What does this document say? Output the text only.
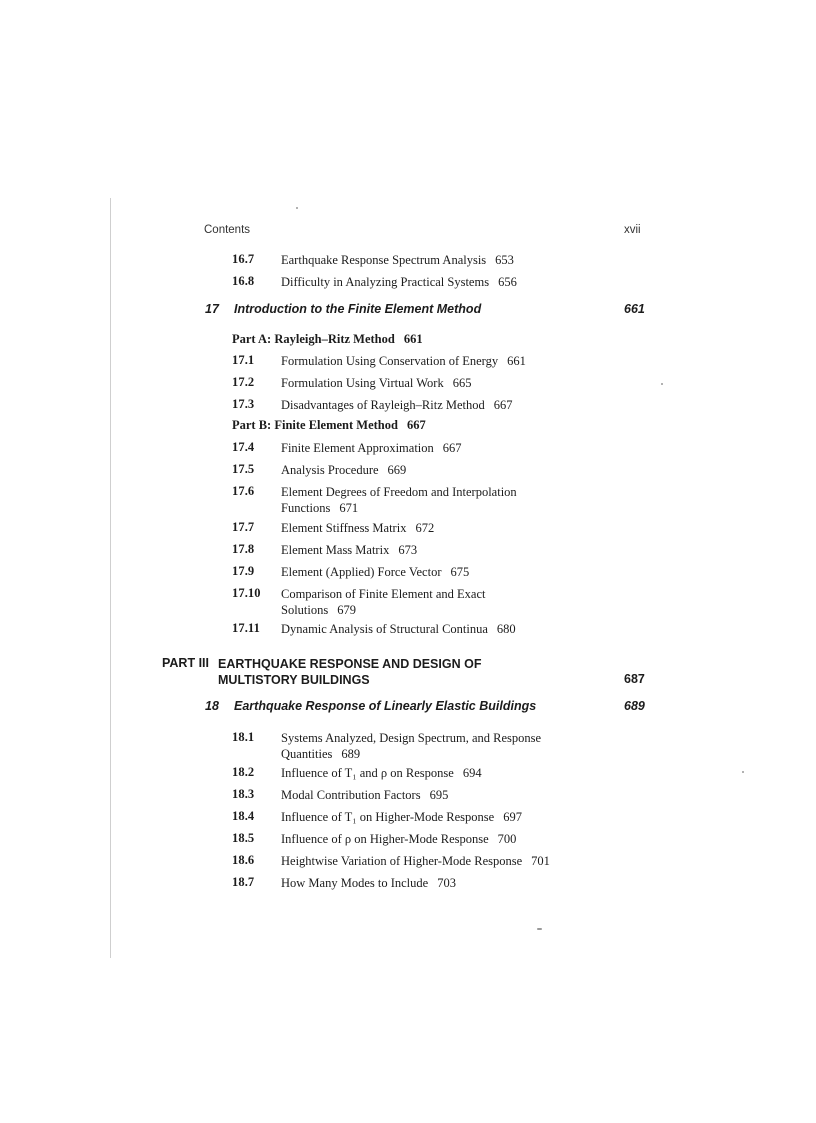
Contents	xvii
16.7 Earthquake Response Spectrum Analysis 653
16.8 Difficulty in Analyzing Practical Systems 656
17 Introduction to the Finite Element Method	661
Part A: Rayleigh–Ritz Method 661
17.1 Formulation Using Conservation of Energy 661
17.2 Formulation Using Virtual Work 665
17.3 Disadvantages of Rayleigh–Ritz Method 667
Part B: Finite Element Method 667
17.4 Finite Element Approximation 667
17.5 Analysis Procedure 669
17.6 Element Degrees of Freedom and Interpolation
Functions 671
17.7 Element Stiffness Matrix 672
17.8 Element Mass Matrix 673
17.9 Element (Applied) Force Vector 675
17.10 Comparison of Finite Element and Exact
Solutions 679
17.11 Dynamic Analysis of Structural Continua 680
PART III EARTHQUAKE RESPONSE AND DESIGN OF
MULTISTORY BUILDINGS	687
18 Earthquake Response of Linearly Elastic Buildings	689
18.1 Systems Analyzed, Design Spectrum, and Response
Quantities 689
18.2 Influence of T₁ and ρ on Response 694
18.3 Modal Contribution Factors 695
18.4 Influence of T₁ on Higher-Mode Response 697
18.5 Influence of ρ on Higher-Mode Response 700
18.6 Heightwise Variation of Higher-Mode Response 701
18.7 How Many Modes to Include 703
